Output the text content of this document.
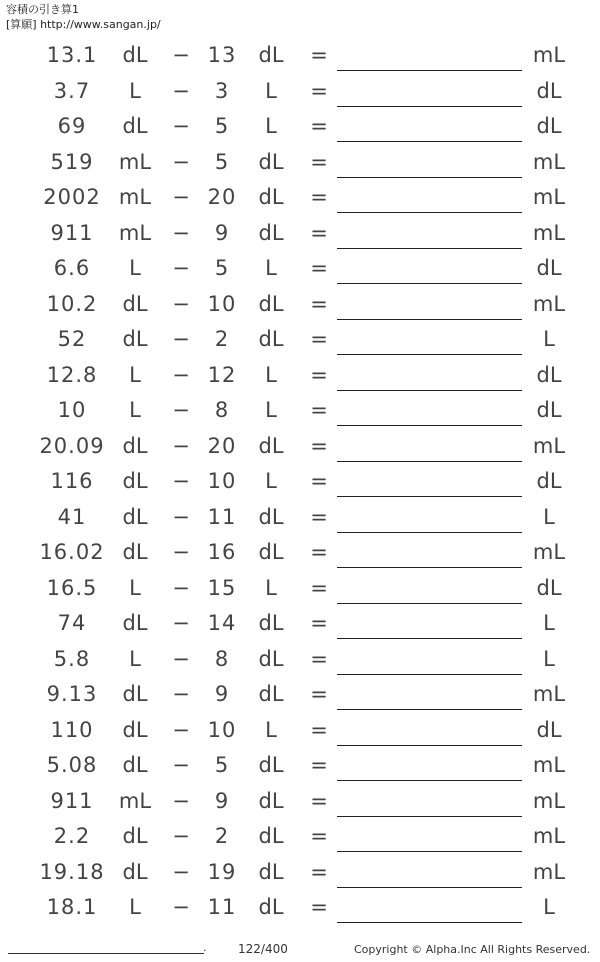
容積の引き算1
[算願] http://www.sangan.jp/
13.1	dL	− 13	dL	=	mL
3.7	L	−	3	L	=	dL
69	dL	−	5	L	=	dL
519	mL	−	5	dL	=	mL
2002 mL	− 20	dL	=	mL
911	mL	−	9	dL	=	mL
6.6	L	−	5	L	=	dL
10.2	dL	− 10	dL	=	mL
52	dL	−	2	dL	=	L
12.8	L	− 12	L	=	dL
10	L	−	8	L	=	dL
20.09 dL	− 20	dL	=	mL
116	dL	− 10	L	=	dL
41	dL	− 11	dL	=	L
16.02 dL	− 16	dL	=	mL
16.5	L	− 15	L	=	dL
74	dL	− 14	dL	=	L
5.8	L	−	8	dL	=	L
9.13	dL	−	9	dL	=	mL
110	dL	− 10	L	=	dL
5.08	dL	−	5	dL	=	mL
911	mL	−	9	dL	=	mL
2.2	dL	−	2	dL	=	mL
19.18 dL	− 19	dL	=	mL
18.1	L	− 11	dL	=	L
.	122/400	Copyright © Alpha.Inc All Rights Reserved.
